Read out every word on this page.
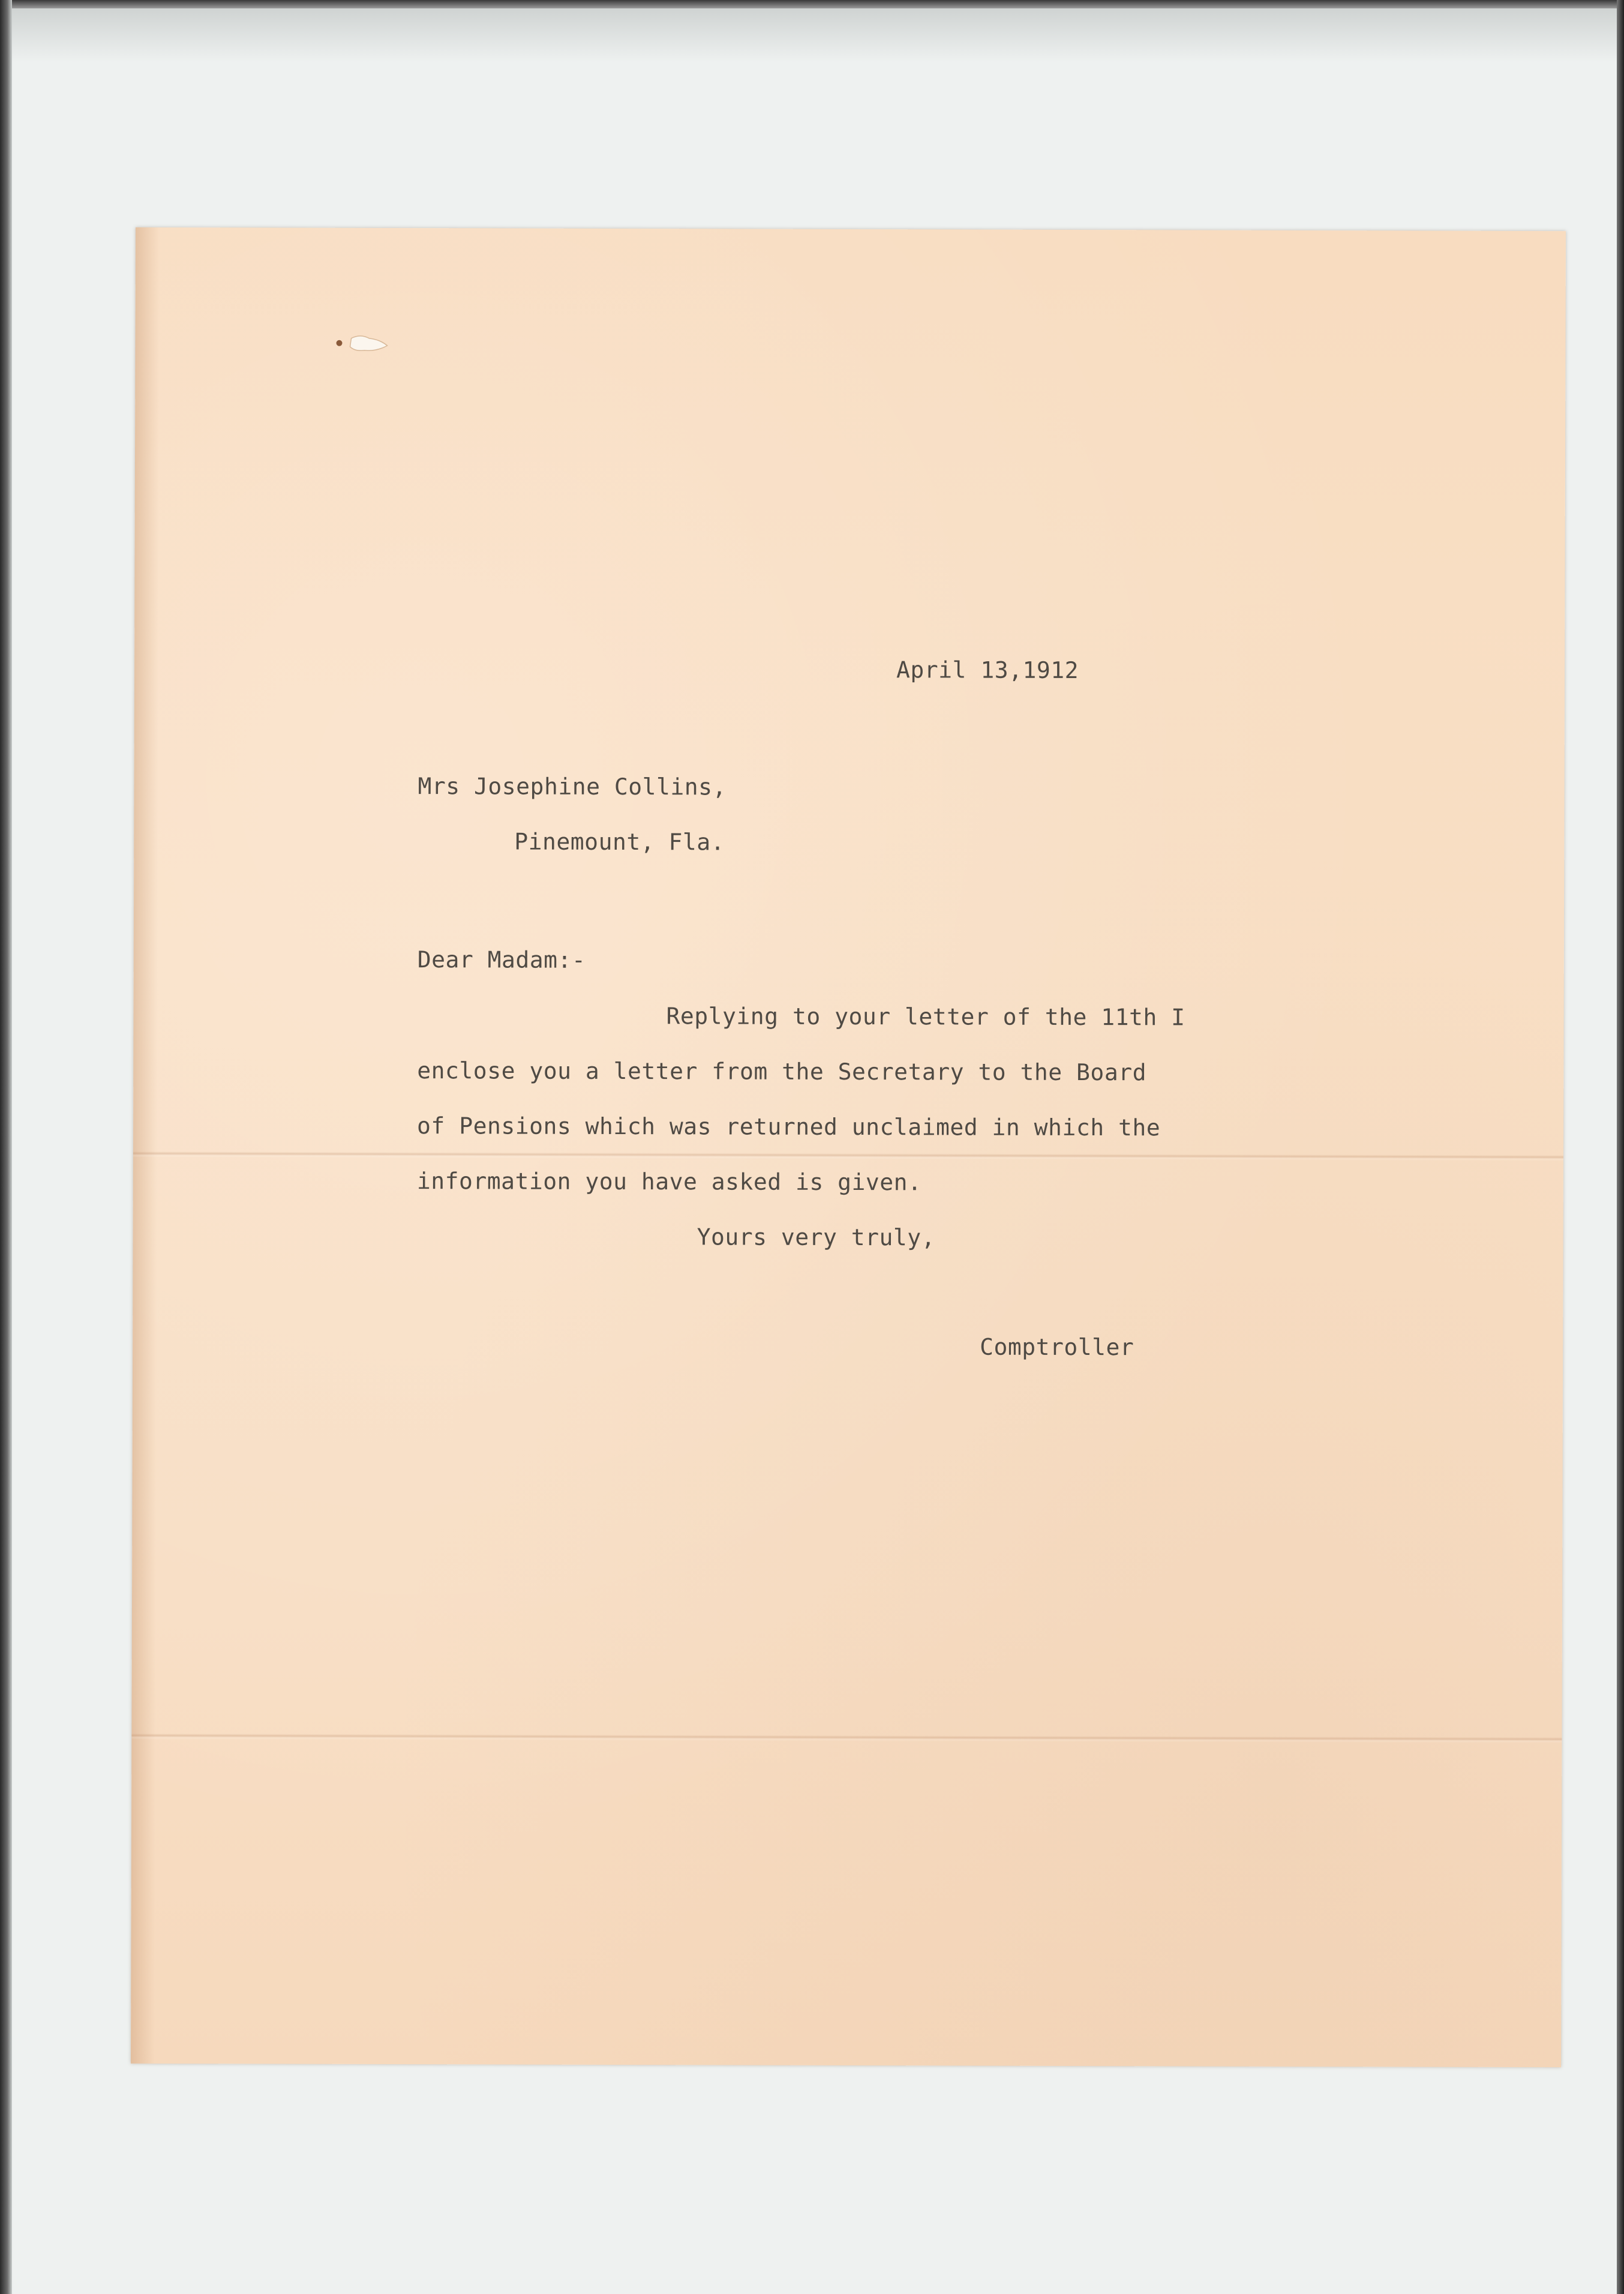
April 13,1912
Mrs Josephine Collins,
Pinemount, Fla.
Dear Madam:-
Replying to your letter of the 11th I
enclose you a letter from the Secretary to the Board
of Pensions which was returned unclaimed in which the
information you have asked is given.
Yours very truly,
Comptroller
